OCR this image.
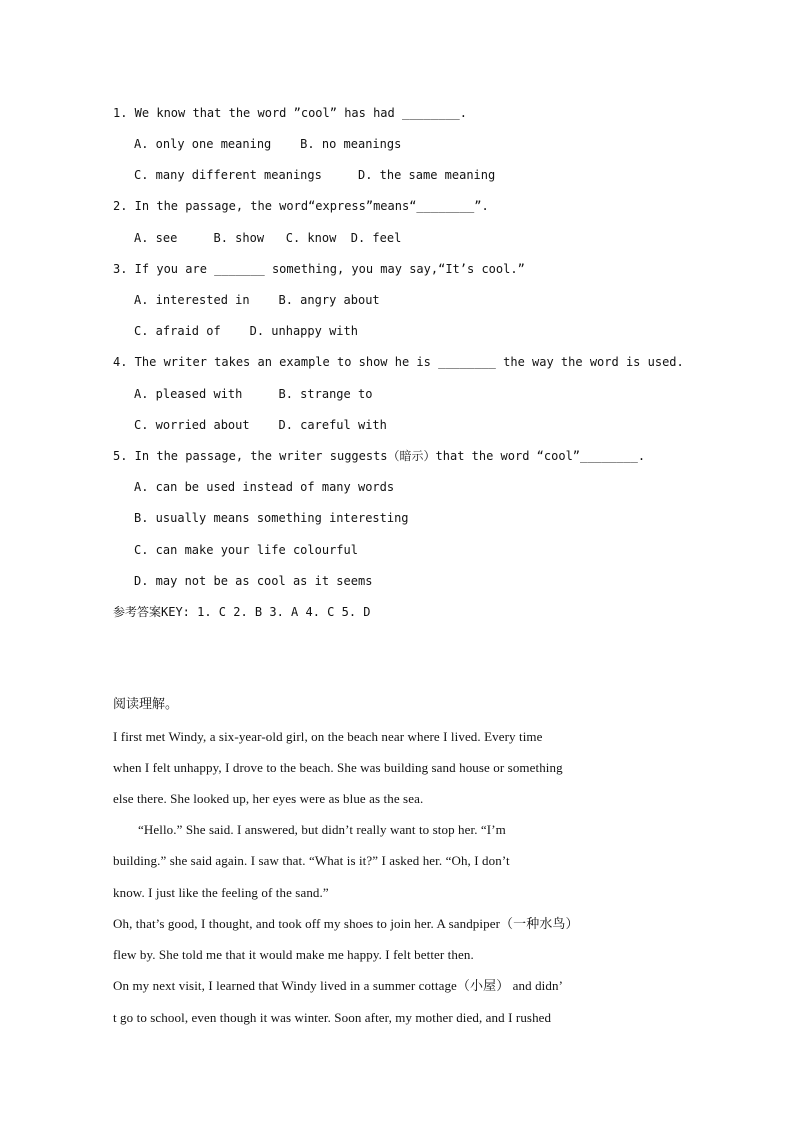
1. We know that the word ”cool” has had ________.
A. only one meaning    B. no meanings
C. many different meanings     D. the same meaning
2. In the passage, the word“express”means“________”.
A. see     B. show   C. know  D. feel
3. If you are _______ something, you may say,“It’s cool.”
A. interested in    B. angry about
C. afraid of    D. unhappy with
4. The writer takes an example to show he is ________ the way the word is used.
A. pleased with     B. strange to
C. worried about    D. careful with
5. In the passage, the writer suggests（暗示）that the word “cool”________.
A. can be used instead of many words
B. usually means something interesting
C. can make your life colourful
D. may not be as cool as it seems
参考答案KEY: 1. C 2. B 3. A 4. C 5. D
阅读理解。
I first met Windy, a six-year-old girl, on the beach near where I lived. Every time
when I felt unhappy, I drove to the beach. She was building sand house or something
else there. She looked up, her eyes were as blue as the sea.
“Hello.” She said. I answered, but didn’t really want to stop her. “I’m
building.” she said again. I saw that. “What is it?” I asked her. “Oh, I don’t
know. I just like the feeling of the sand.”
Oh, that’s good, I thought, and took off my shoes to join her. A sandpiper（一种水鸟）
flew by. She told me that it would make me happy. I felt better then.
On my next visit, I learned that Windy lived in a summer cottage（小屋） and didn’
t go to school, even though it was winter. Soon after, my mother died, and I rushed
